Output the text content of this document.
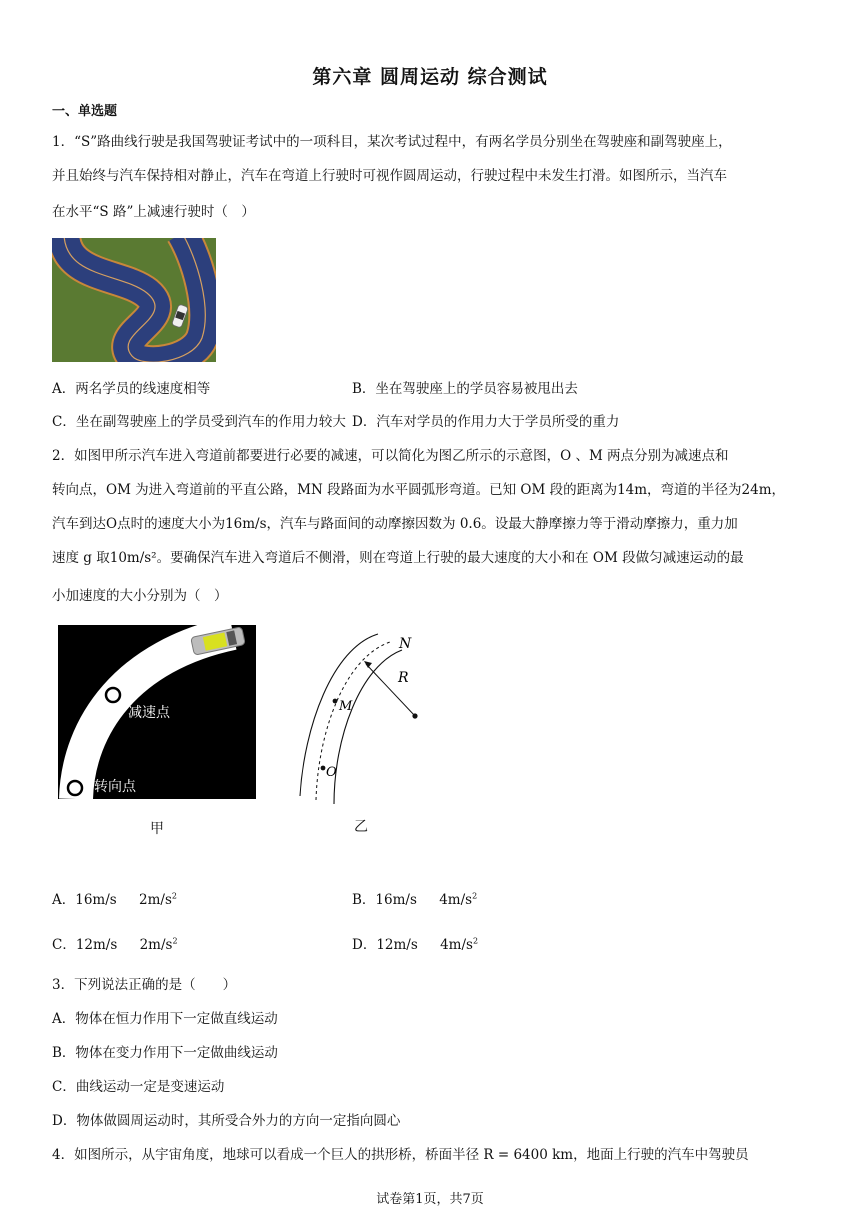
第六章 圆周运动 综合测试
一、单选题
1．“S”路曲线行驶是我国驾驶证考试中的一项科目，某次考试过程中，有两名学员分别坐在驾驶座和副驾驶座上，
并且始终与汽车保持相对静止，汽车在弯道上行驶时可视作圆周运动，行驶过程中未发生打滑。如图所示，当汽车
在水平“S 路”上减速行驶时（　）
A．两名学员的线速度相等	B．坐在驾驶座上的学员容易被甩出去
C．坐在副驾驶座上的学员受到汽车的作用力较大 D．汽车对学员的作用力大于学员所受的重力
2．如图甲所示汽车进入弯道前都要进行必要的减速，可以简化为图乙所示的示意图，O 、M 两点分别为减速点和
转向点，OM 为进入弯道前的平直公路，MN 段路面为水平圆弧形弯道。已知 OM 段的距离为14m，弯道的半径为24m，
汽车到达O点时的速度大小为16m/s，汽车与路面间的动摩擦因数为 0.6。设最大静摩擦力等于滑动摩擦力，重力加
速度 g 取10m/s²。要确保汽车进入弯道后不侧滑，则在弯道上行驶的最大速度的大小和在 OM 段做匀减速运动的最
小加速度的大小分别为（　）
减速点
转向点
甲
N
R
M
O
乙
A．16m/s $2m/s^2$	B．16m/s $4m/s^2$
C．12m/s $2m/s^2$	D．12m/s $4m/s^2$
3．下列说法正确的是（　　）
A．物体在恒力作用下一定做直线运动
B．物体在变力作用下一定做曲线运动
C．曲线运动一定是变速运动
D．物体做圆周运动时，其所受合外力的方向一定指向圆心
4．如图所示，从宇宙角度，地球可以看成一个巨人的拱形桥，桥面半径 R = 6400 km，地面上行驶的汽车中驾驶员
试卷第1页，共7页
